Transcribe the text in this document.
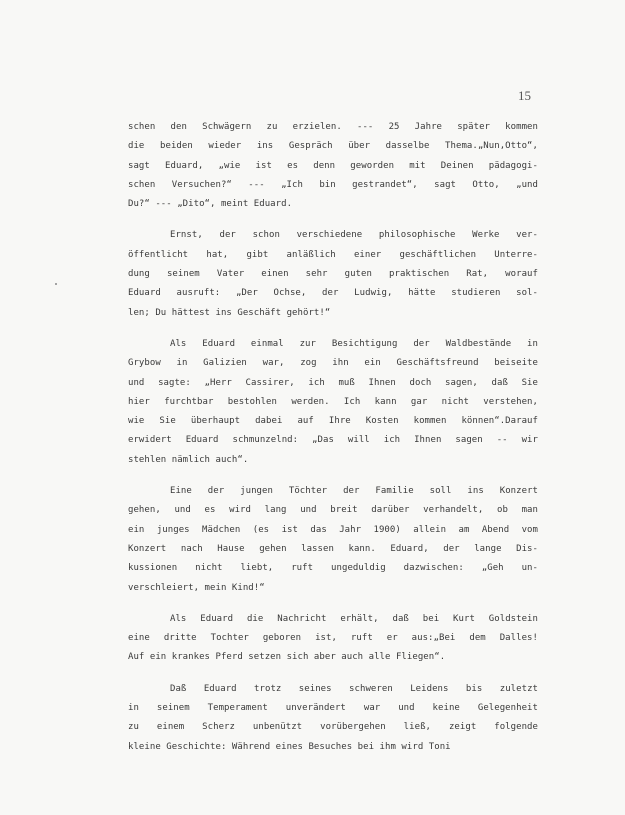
15
schen den Schwägern zu erzielen. --- 25 Jahre später kommen
die beiden wieder ins Gespräch über dasselbe Thema.„Nun,Otto“,
sagt Eduard, „wie ist es denn geworden mit Deinen pädagogi-
schen Versuchen?“ --- „Ich bin gestrandet“, sagt Otto, „und
Du?“ --- „Dito“, meint Eduard.
Ernst, der schon verschiedene philosophische Werke ver-
öffentlicht hat, gibt anläßlich einer geschäftlichen Unterre-
dung seinem Vater einen sehr guten praktischen Rat, worauf
Eduard ausruft: „Der Ochse, der Ludwig, hätte studieren sol-
len; Du hättest ins Geschäft gehört!“
Als Eduard einmal zur Besichtigung der Waldbestände in
Grybow in Galizien war, zog ihn ein Geschäftsfreund beiseite
und sagte: „Herr Cassirer, ich muß Ihnen doch sagen, daß Sie
hier furchtbar bestohlen werden. Ich kann gar nicht verstehen,
wie Sie überhaupt dabei auf Ihre Kosten kommen können“.Darauf
erwidert Eduard schmunzelnd: „Das will ich Ihnen sagen -- wir
stehlen nämlich auch“.
Eine der jungen Töchter der Familie soll ins Konzert
gehen, und es wird lang und breit darüber verhandelt, ob man
ein junges Mädchen (es ist das Jahr 1900) allein am Abend vom
Konzert nach Hause gehen lassen kann. Eduard, der lange Dis-
kussionen nicht liebt, ruft ungeduldig dazwischen: „Geh un-
verschleiert, mein Kind!“
Als Eduard die Nachricht erhält, daß bei Kurt Goldstein
eine dritte Tochter geboren ist, ruft er aus:„Bei dem Dalles!
Auf ein krankes Pferd setzen sich aber auch alle Fliegen“.
Daß Eduard trotz seines schweren Leidens bis zuletzt
in seinem Temperament unverändert war und keine Gelegenheit
zu einem Scherz unbenützt vorübergehen ließ, zeigt folgende
kleine Geschichte: Während eines Besuches bei ihm wird Toni
